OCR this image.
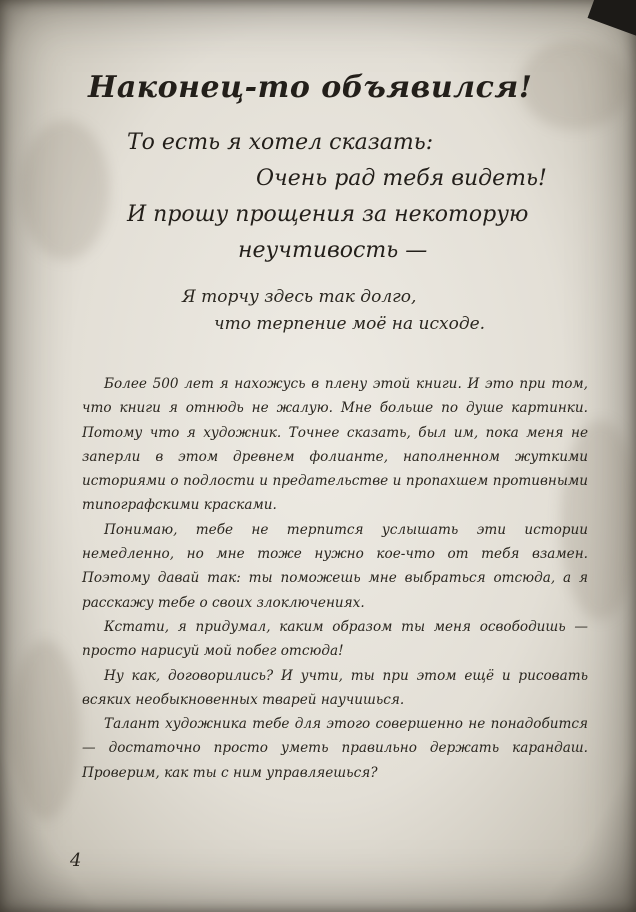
Наконец-то объявился!
То есть я хотел сказать:
Очень рад тебя видеть!
И прошу прощения за некоторую
неучтивость —
Я торчу здесь так долго,
что терпение моё на исходе.

Более 500 лет я нахожусь в плену этой книги. И это при том, что книги я отнюдь не жалую. Мне больше по душе картинки. Потому что я художник. Точнее сказать, был им, пока меня не заперли в этом древнем фолианте, наполненном жуткими историями о подлости и предательстве и пропахшем противными типографскими красками.

Понимаю, тебе не терпится услышать эти истории немедленно, но мне тоже нужно кое-что от тебя взамен. Поэтому давай так: ты поможешь мне выбраться отсюда, а я расскажу тебе о своих злоключениях.

Кстати, я придумал, каким образом ты меня освободишь — просто нарисуй мой побег отсюда!

Ну как, договорились? И учти, ты при этом ещё и рисовать всяких необыкновенных тварей научишься.

Талант художника тебе для этого совершенно не понадобится — достаточно просто уметь правильно держать карандаш. Проверим, как ты с ним управляешься?

4
